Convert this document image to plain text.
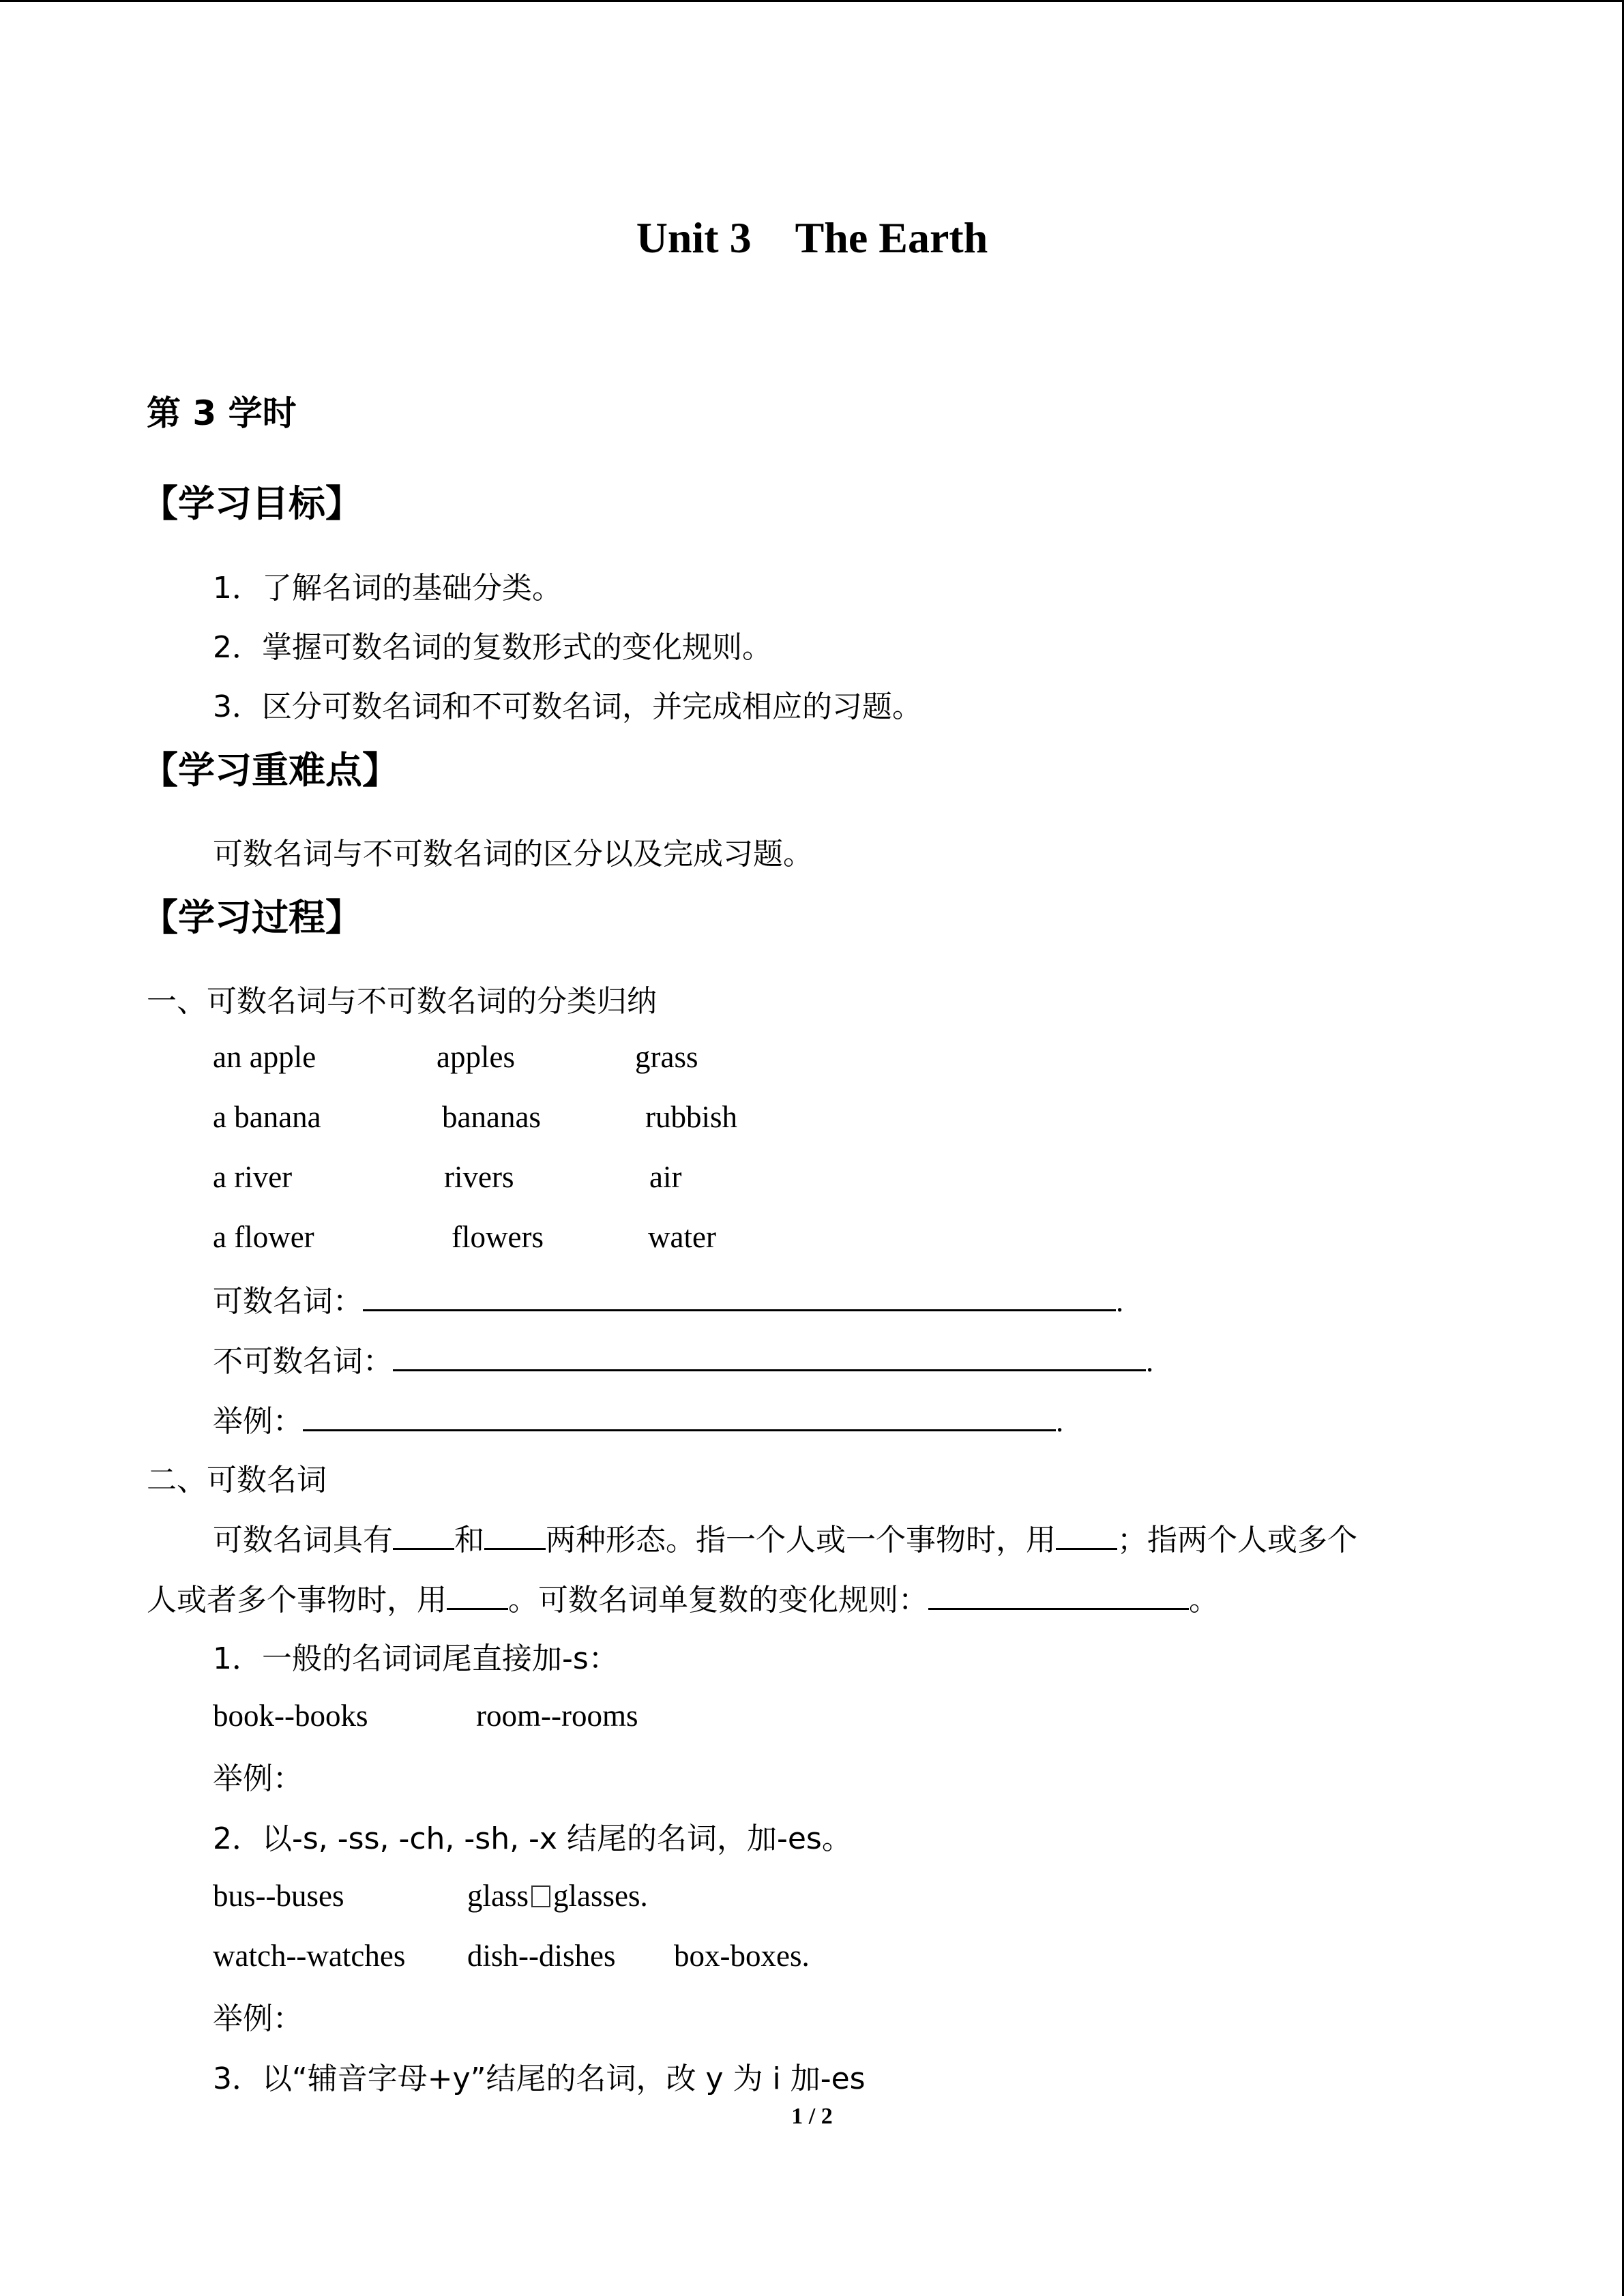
Unit 3 The Earth
第 3 学时
【学习目标】
1．了解名词的基础分类。
2．掌握可数名词的复数形式的变化规则。
3．区分可数名词和不可数名词，并完成相应的习题。
【学习重难点】
可数名词与不可数名词的区分以及完成习题。
【学习过程】
一、可数名词与不可数名词的分类归纳
an apple	apples	grass
a banana	bananas	rubbish
a river	rivers	air
a flower	flowers	water
可数名词：	.
不可数名词：	.
举例：	.
二、可数名词
可数名词具有 和 两种形态。指一个人或一个事物时，用 ；指两个人或多个
人或者多个事物时，用 。可数名词单复数的变化规则：	。
1．一般的名词词尾直接加-s：
book--books	room--rooms
举例：
2．以-s, -ss, -ch, -sh, -x 结尾的名词，加-es。
bus--buses	glass glasses.
watch--watches dish--dishes box-boxes.
举例：
3．以“辅音字母+y”结尾的名词，改 y 为 i 加-es
1 / 2
